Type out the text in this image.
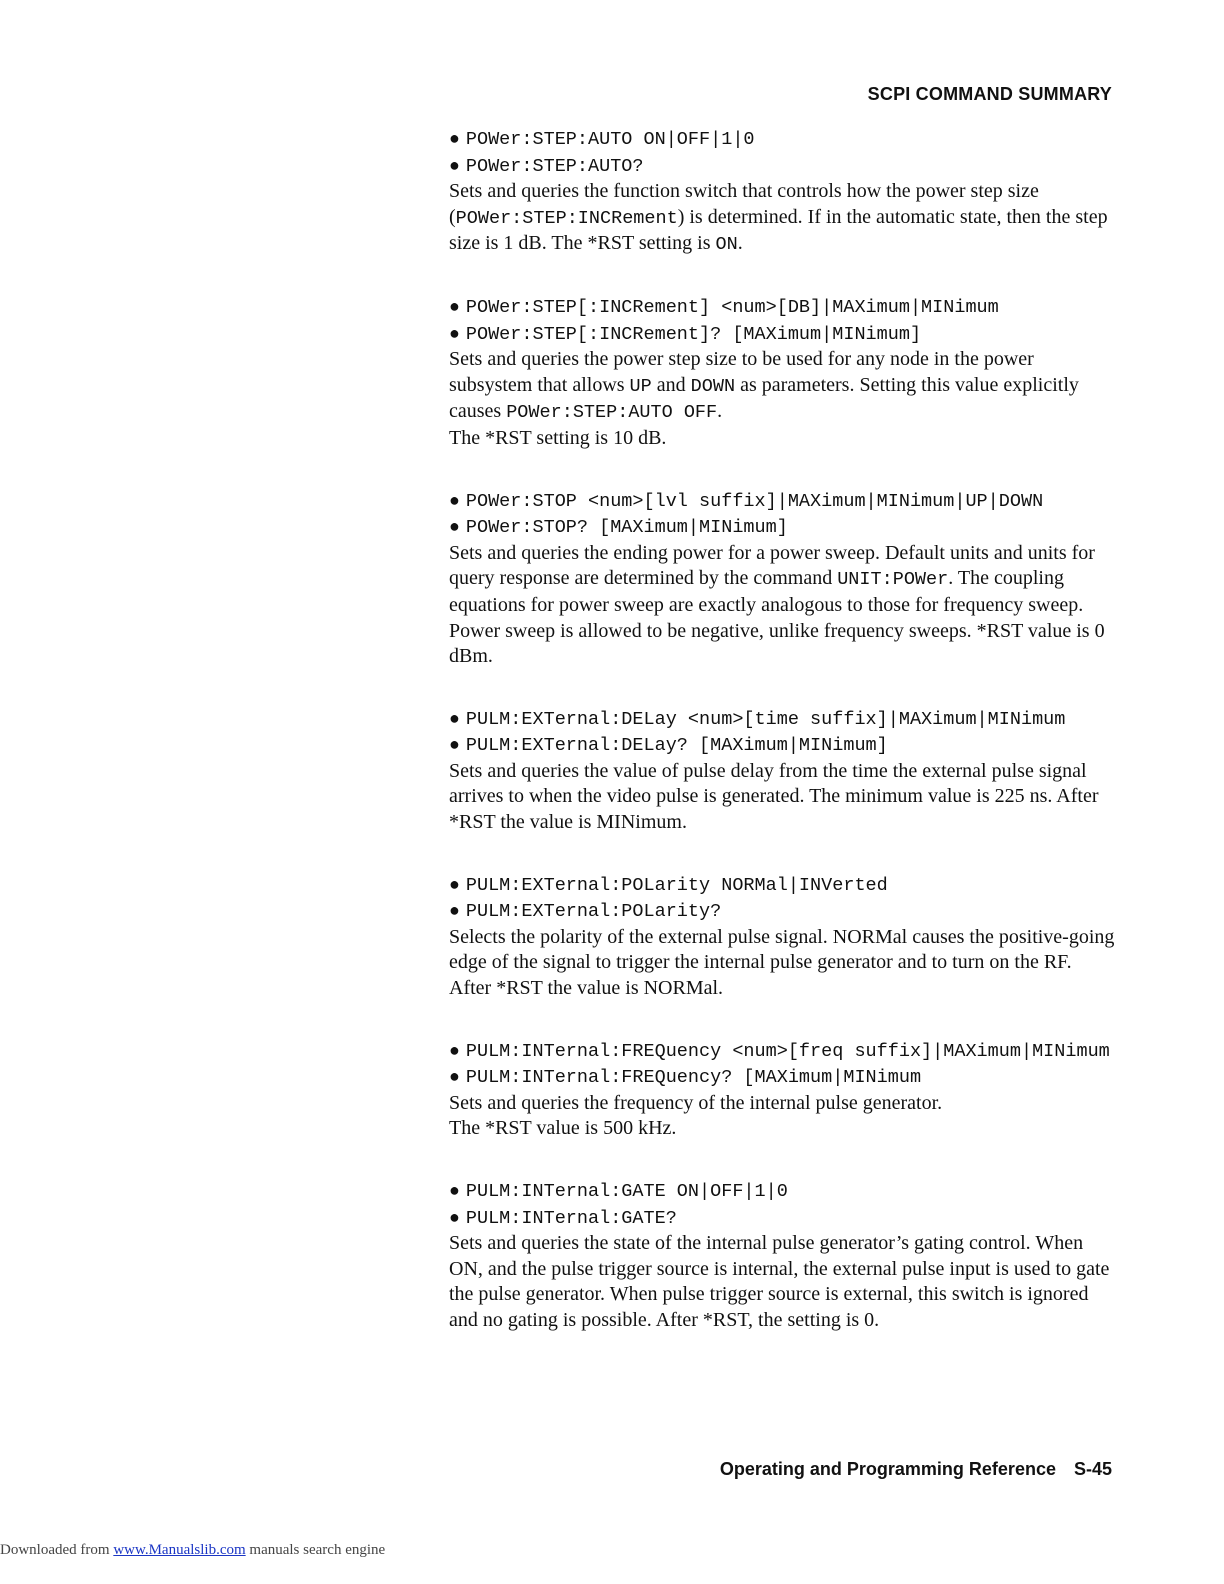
SCPI COMMAND SUMMARY
● POWer:STEP:AUTO ON|OFF|1|0
● POWer:STEP:AUTO?
Sets and queries the function switch that controls how the power step size (POWer:STEP:INCRement) is determined. If in the automatic state, then the step size is 1 dB. The *RST setting is ON.
● POWer:STEP[:INCRement] <num>[DB]|MAXimum|MINimum
● POWer:STEP[:INCRement]? [MAXimum|MINimum]
Sets and queries the power step size to be used for any node in the power subsystem that allows UP and DOWN as parameters. Setting this value explicitly causes POWer:STEP:AUTO OFF.
The *RST setting is 10 dB.
● POWer:STOP <num>[lvl suffix]|MAXimum|MINimum|UP|DOWN
● POWer:STOP? [MAXimum|MINimum]
Sets and queries the ending power for a power sweep. Default units and units for query response are determined by the command UNIT:POWer. The coupling equations for power sweep are exactly analogous to those for frequency sweep. Power sweep is allowed to be negative, unlike frequency sweeps. *RST value is 0 dBm.
● PULM:EXTernal:DELay <num>[time suffix]|MAXimum|MINimum
● PULM:EXTernal:DELay? [MAXimum|MINimum]
Sets and queries the value of pulse delay from the time the external pulse signal arrives to when the video pulse is generated. The minimum value is 225 ns. After *RST the value is MINimum.
● PULM:EXTernal:POLarity NORMal|INVerted
● PULM:EXTernal:POLarity?
Selects the polarity of the external pulse signal. NORMal causes the positive-going edge of the signal to trigger the internal pulse generator and to turn on the RF. After *RST the value is NORMal.
● PULM:INTernal:FREQuency <num>[freq suffix]|MAXimum|MINimum
● PULM:INTernal:FREQuency? [MAXimum|MINimum
Sets and queries the frequency of the internal pulse generator.
The *RST value is 500 kHz.
● PULM:INTernal:GATE ON|OFF|1|0
● PULM:INTernal:GATE?
Sets and queries the state of the internal pulse generator’s gating control. When ON, and the pulse trigger source is internal, the external pulse input is used to gate the pulse generator. When pulse trigger source is external, this switch is ignored and no gating is possible. After *RST, the setting is 0.
Operating and Programming Reference S-45
Downloaded from www.Manualslib.com manuals search engine
